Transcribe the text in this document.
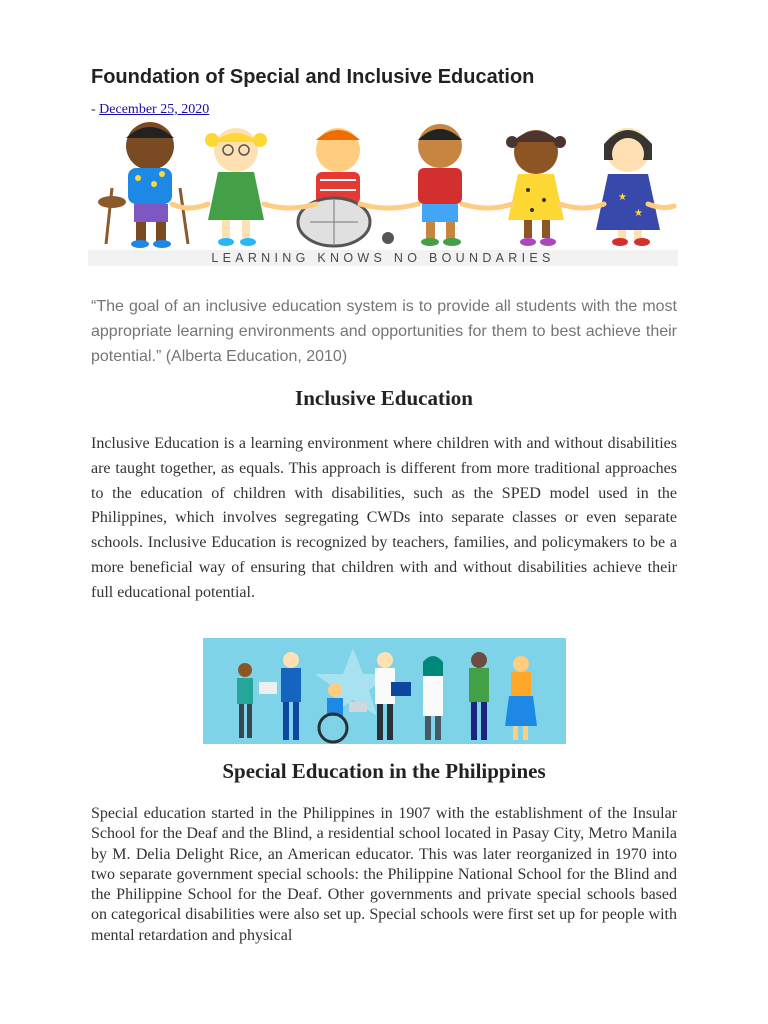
Foundation of Special and Inclusive Education
- December 25, 2020
★
★
LEARNING KNOWS NO BOUNDARIES

“The goal of an inclusive education system is to provide all students with the most appropriate learning environments and opportunities for them to best achieve their potential.” (Alberta Education, 2010)

Inclusive Education

Inclusive Education is a learning environment where children with and without disabilities are taught together, as equals. This approach is different from more traditional approaches to the education of children with disabilities, such as the SPED model used in the Philippines, which involves segregating CWDs into separate classes or even separate schools. Inclusive Education is recognized by teachers, families, and policymakers to be a more beneficial way of ensuring that children with and without disabilities achieve their full educational potential.

Special Education in the Philippines

Special education started in the Philippines in 1907 with the establishment of the Insular School for the Deaf and the Blind, a residential school located in Pasay City, Metro Manila by M. Delia Delight Rice, an American educator. This was later reorganized in 1970 into two separate government special schools: the Philippine National School for the Blind and the Philippine School for the Deaf. Other governments and private special schools based on categorical disabilities were also set up. Special schools were first set up for people with mental retardation and physical
